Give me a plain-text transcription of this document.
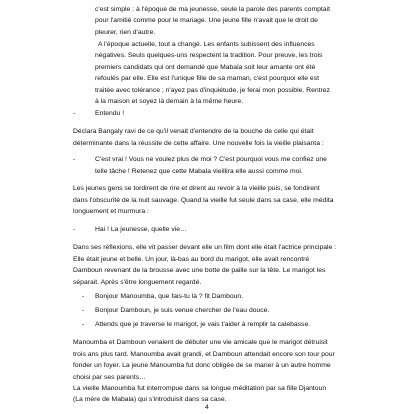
c'est simple : à l'époque de ma jeunesse, seule la parole des parents comptait
pour l'amitié comme pour le mariage. Une jeune fille n'avait que le droit de
pleurer, rien d'autre.
A l'époque actuelle, tout a changé. Les enfants subissent des influences
négatives. Seuls quelques-uns respectent la tradition. Pour preuve, les trois
premiers candidats qui ont demandé que Mabala soit leur amante ont été
refoulés par elle. Elle est l'unique fille de sa maman, c'est pourquoi elle est
traitée avec tolérance ; n'ayez pas d'inquiétude, je ferai mon possible. Rentrez
à la maison et soyez là demain à la même heure.
-	Entendu !
Déclara Bangaly ravi de ce qu'il venait d'entendre de la bouche de celle qui était
déterminante dans la réussite de cette affaire. Une nouvelle fois la vieille plaisanta :
-	C'est vrai ! Vous ne voulez plus de moi ? C'est pourquoi vous me confiez une
telle tâche ! Retenez que cette Mabala vieillira elle aussi comme moi.
Les jeunes gens se tordirent de rire et dirent au revoir à la vieille puis, se fondirent
dans l'obscurité de la nuit sauvage. Quand la vieille fut seule dans sa case, elle médita
longuement et murmura :
-	Hai ! La jeunesse, quelle vie…
Dans ses réflexions, elle vit passer devant elle un film dont elle était l'actrice principale :
Elle était jeune et belle. Un jour, là-bas au bord du marigot, elle avait rencontré
Damboun revenant de la brousse avec une botte de paille sur la tête. Le marigot les
séparait. Après s'être longuement regardé.
- Bonjour Manoumba, que fais-tu là ? fit Damboun.
- Bonjour Damboun, je suis venue chercher de l'eau douce.
- Attends que je traverse le marigot, je vais t'aider à remplir ta calebasse.
Manoumba et Damboun venaient de débuter une vie amicale que le marigot détruisit
trois ans plus tard. Manoumba avait grandi, et Damboun attendait encore son tour pour
fonder un foyer. La jeune Manoumba fut donc obligée de se marier à un autre homme
choisi par ses parents…
La vieille Manoumba fut interrompue dans sa longue méditation par sa fille Djantoun
(La mère de Mabala) qui s'introduisit dans sa case.
4
